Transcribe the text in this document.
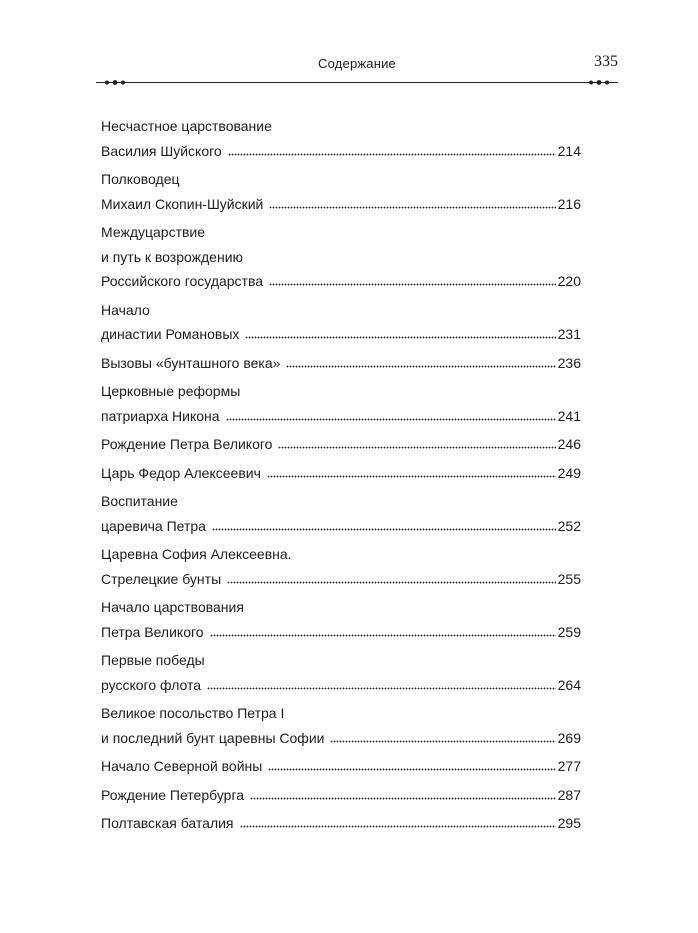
Содержание	335
Несчастное царствование
Василия Шуйского	214
Полководец
Михаил Скопин-Шуйский	216
Междуцарствие
и путь к возрождению
Российского государства	220
Начало
династии Романовых	231
Вызовы «бунташного века»	236
Церковные реформы
патриарха Никона	241
Рождение Петра Великого	246
Царь Федор Алексеевич	249
Воспитание
царевича Петра	252
Царевна София Алексеевна.
Стрелецкие бунты	255
Начало царствования
Петра Великого	259
Первые победы
русского флота	264
Великое посольство Петра I
и последний бунт царевны Софии	269
Начало Северной войны	277
Рождение Петербурга	287
Полтавская баталия	295
